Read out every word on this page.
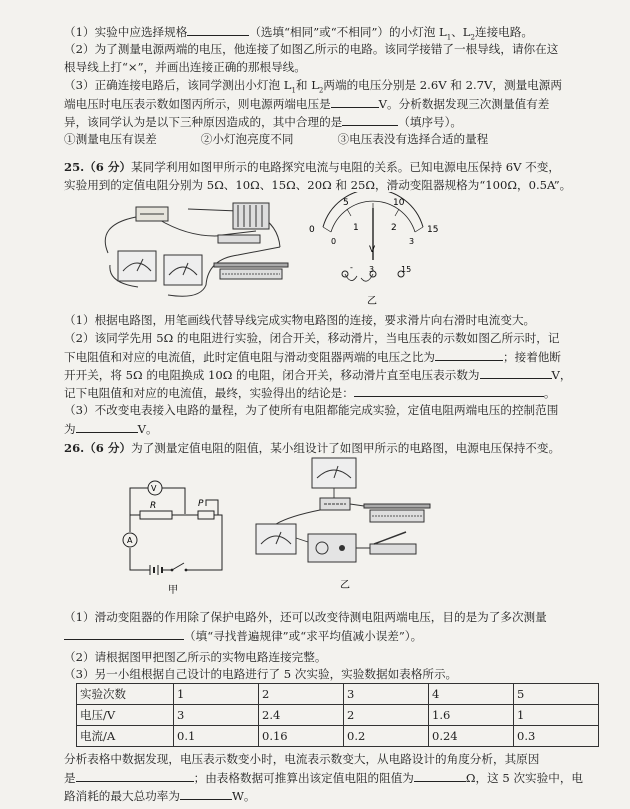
（1）实验中应选择规格	（选填“相同”或“不相同”）的小灯泡 $L_1$、$L_2$连接电路。
（2）为了测量电源两端的电压，他连接了如图乙所示的电路。该同学接错了一根导线，请你在这
根导线上打“×”，并画出连接正确的那根导线。
（3）正确连接电路后，该同学测出小灯泡 $L_1$和 $L_2$两端的电压分别是 2.6V 和 2.7V，测量电源两
端电压时电压表示数如图丙所示，则电源两端电压是	V。分析数据发现三次测量值有差
异，该同学认为是以下三种原因造成的，其中合理的是	（填序号）。
①测量电压有误差	②小灯泡亮度不同	③电压表没有选择合适的量程
25.（6 分）某同学利用如图甲所示的电路探究电流与电阻的关系。已知电源电压保持 6V 不变，
实验用到的定值电阻分别为 5Ω、10Ω、15Ω、20Ω 和 25Ω，滑动变阻器规格为“100Ω，0.5A”。
0
5	10
15
0
1	2
3
V
- 3	15
乙
（1）根据电路图，用笔画线代替导线完成实物电路图的连接，要求滑片向右滑时电流变大。
（2）该同学先用 5Ω 的电阻进行实验，闭合开关，移动滑片，当电压表的示数如图乙所示时，记
下电阻值和对应的电流值，此时定值电阻与滑动变阻器两端的电压之比为	；接着他断
开开关，将 5Ω 的电阻换成 10Ω 的电阻，闭合开关，移动滑片直至电压表示数为	V，
记下电阻值和对应的电流值，最终，实验得出的结论是：	。
（3）不改变电表接入电路的量程，为了使所有电阻都能完成实验，定值电阻两端电压的控制范围
为	V。
26.（6 分）为了测量定值电阻的阻值，某小组设计了如图甲所示的电路图，电源电压保持不变。
V
R	P
A
甲	乙
（1）滑动变阻器的作用除了保护电路外，还可以改变待测电阻两端电压，目的是为了多次测量
（填“寻找普遍规律”或“求平均值减小误差”）。
（2）请根据图甲把图乙所示的实物电路连接完整。
（3）另一小组根据自己设计的电路进行了 5 次实验，实验数据如表格所示。
实验次数	1	2	3	4	5
电压/V	3	2.4	2	1.6	1
电流/A	0.1	0.16	0.2	0.24	0.3
分析表格中数据发现，电压表示数变小时，电流表示数变大，从电路设计的角度分析，其原因
是	；由表格数据可推算出该定值电阻的阻值为	Ω，这 5 次实验中，电
路消耗的最大总功率为	W。
